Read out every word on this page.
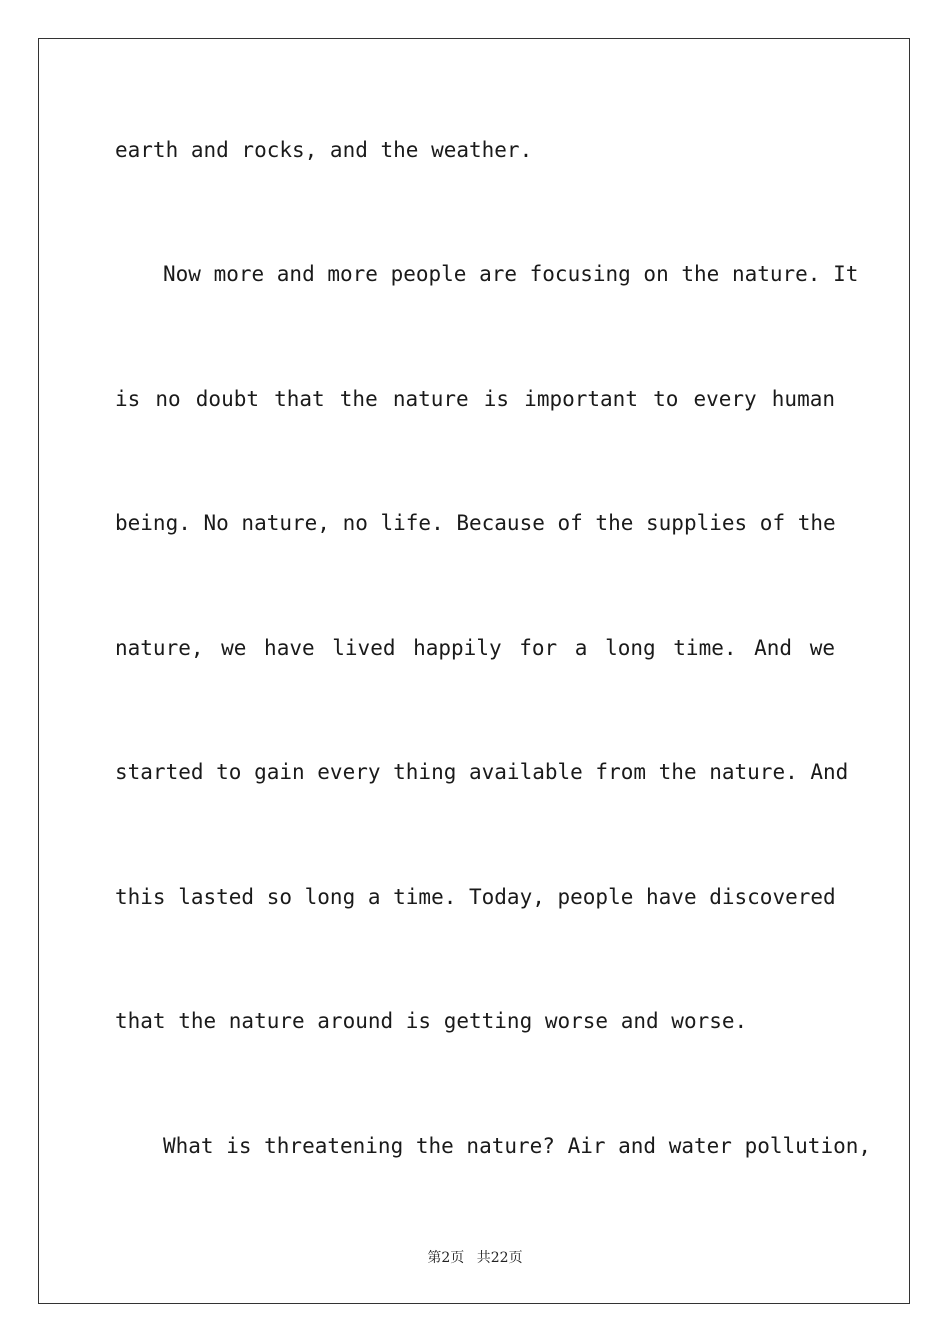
earth and rocks, and the weather.
Now more and more people are focusing on the nature. It
is no doubt that the nature is important to every human
being. No nature, no life. Because of the supplies of the
nature, we have lived happily for a long time. And we
started to gain every thing available from the nature. And
this lasted so long a time. Today, people have discovered
that the nature around is getting worse and worse.
What is threatening the nature? Air and water pollution,
第2页 共22页
